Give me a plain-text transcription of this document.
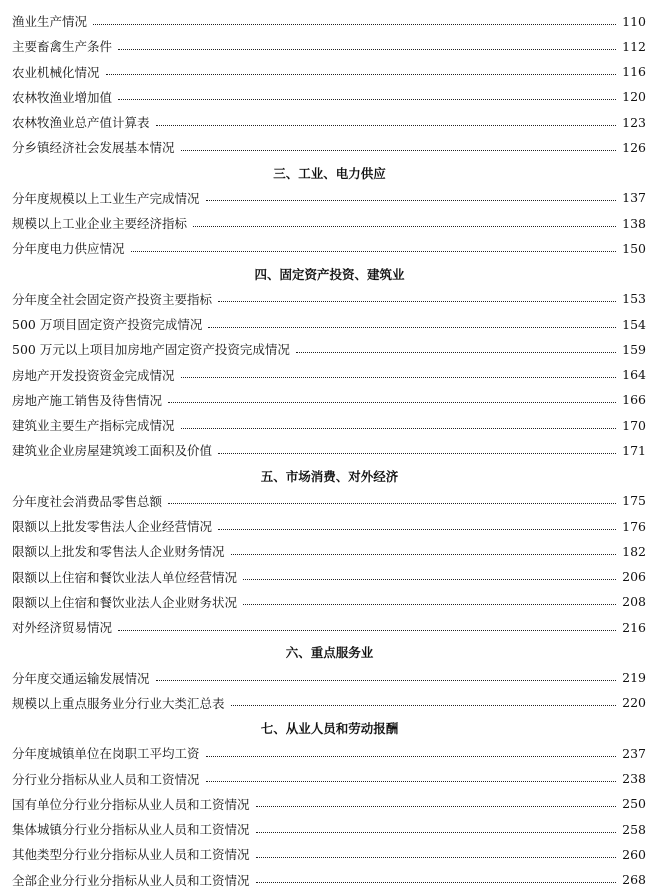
渔业生产情况	110
主要畜禽生产条件	112
农业机械化情况	116
农林牧渔业增加值	120
农林牧渔业总产值计算表	123
分乡镇经济社会发展基本情况	126
三、工业、电力供应
分年度规模以上工业生产完成情况	137
规模以上工业企业主要经济指标	138
分年度电力供应情况	150
四、固定资产投资、建筑业
分年度全社会固定资产投资主要指标	153
500 万项目固定资产投资完成情况	154
500 万元以上项目加房地产固定资产投资完成情况	159
房地产开发投资资金完成情况	164
房地产施工销售及待售情况	166
建筑业主要生产指标完成情况	170
建筑业企业房屋建筑竣工面积及价值	171
五、市场消费、对外经济
分年度社会消费品零售总额	175
限额以上批发零售法人企业经营情况	176
限额以上批发和零售法人企业财务情况	182
限额以上住宿和餐饮业法人单位经营情况	206
限额以上住宿和餐饮业法人企业财务状况	208
对外经济贸易情况	216
六、重点服务业
分年度交通运输发展情况	219
规模以上重点服务业分行业大类汇总表	220
七、从业人员和劳动报酬
分年度城镇单位在岗职工平均工资	237
分行业分指标从业人员和工资情况	238
国有单位分行业分指标从业人员和工资情况	250
集体城镇分行业分指标从业人员和工资情况	258
其他类型分行业分指标从业人员和工资情况	260
全部企业分行业分指标从业人员和工资情况	268
